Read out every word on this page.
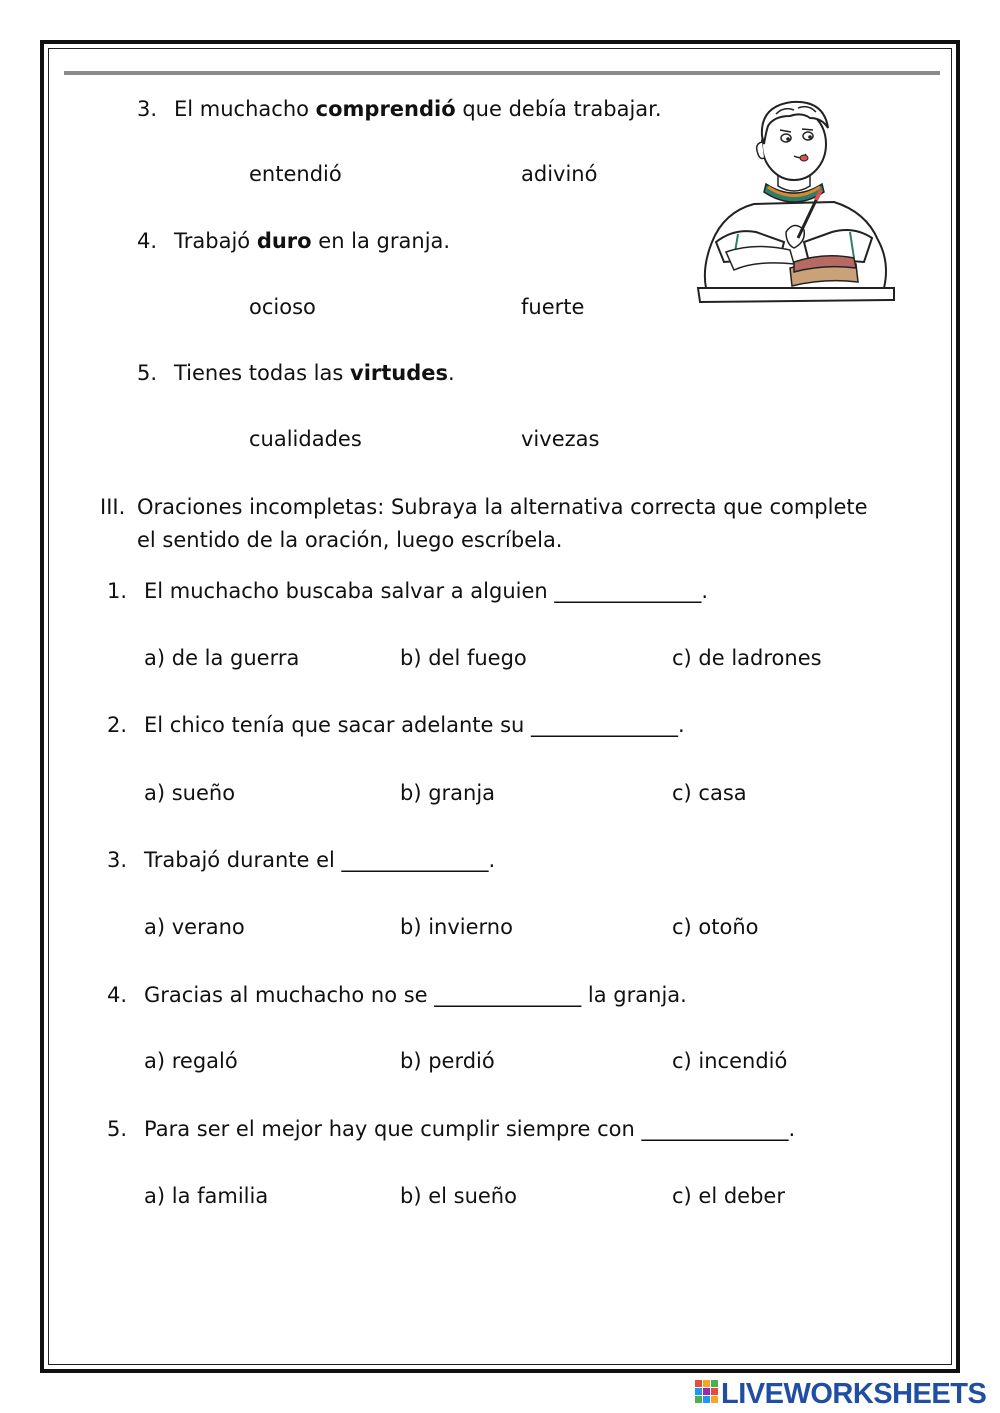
3. El muchacho comprendió que debía trabajar.
entendió	adivinó
4. Trabajó duro en la granja.
ocioso	fuerte
5. Tienes todas las virtudes.
cualidades	vivezas
III. Oraciones incompletas: Subraya la alternativa correcta que complete
el sentido de la oración, luego escríbela.
1. El muchacho buscaba salvar a alguien ______________.
a) de la guerra	b) del fuego	c) de ladrones
2. El chico tenía que sacar adelante su ______________.
a) sueño	b) granja	c) casa
3. Trabajó durante el ______________.
a) verano	b) invierno	c) otoño
4. Gracias al muchacho no se ______________ la granja.
a) regaló	b) perdió	c) incendió
5. Para ser el mejor hay que cumplir siempre con ______________.
a) la familia	b) el sueño	c) el deber
LIVEWORKSHEETS
